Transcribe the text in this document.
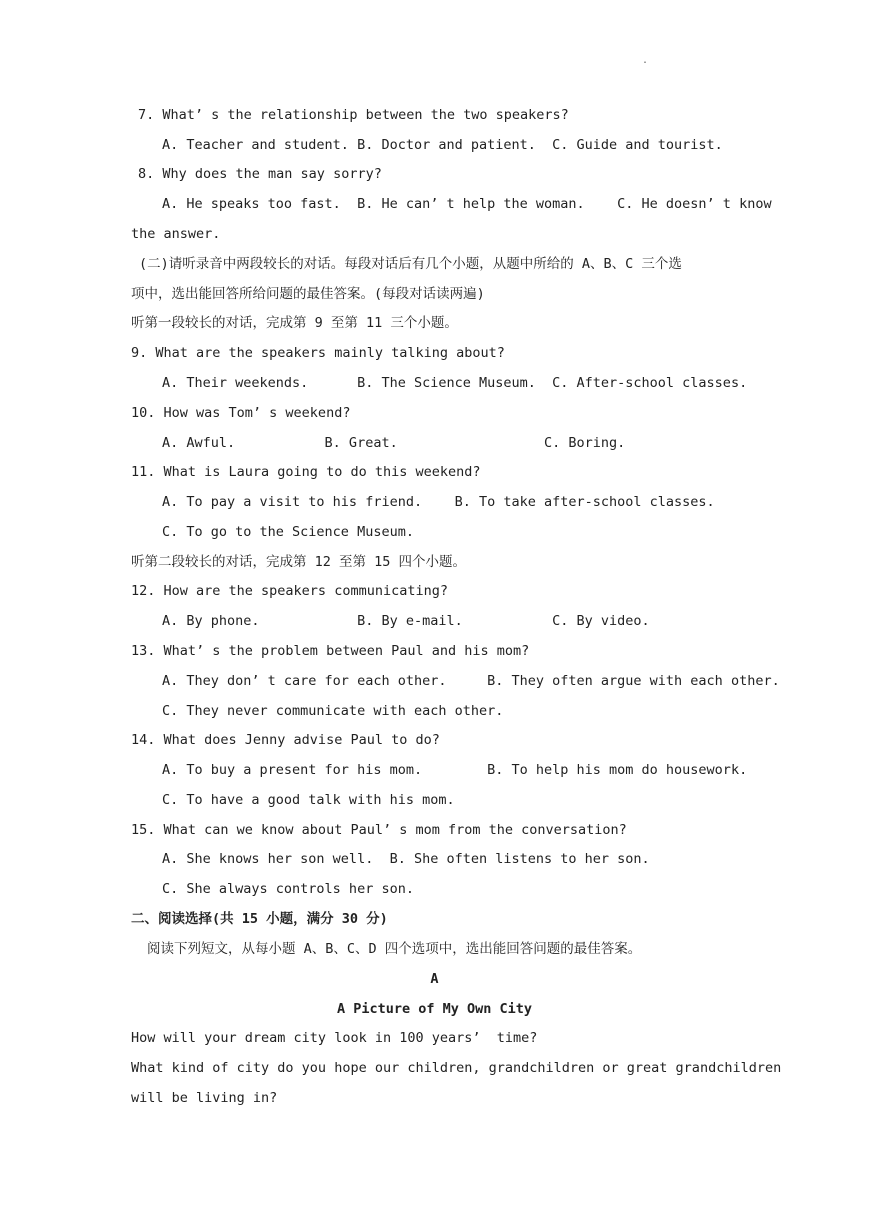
.
7. What’ s the relationship between the two speakers?
A. Teacher and student. B. Doctor and patient.  C. Guide and tourist.
8. Why does the man say sorry?
A. He speaks too fast.  B. He can’ t help the woman.    C. He doesn’ t know
the answer.
(二)请听录音中两段较长的对话。每段对话后有几个小题，从题中所给的 A、B、C 三个选
项中，选出能回答所给问题的最佳答案。(每段对话读两遍)
听第一段较长的对话，完成第 9 至第 11 三个小题。
9. What are the speakers mainly talking about?
A. Their weekends.      B. The Science Museum.  C. After-school classes.
10. How was Tom’ s weekend?
A. Awful.           B. Great.                  C. Boring.
11. What is Laura going to do this weekend?
A. To pay a visit to his friend.    B. To take after-school classes.
C. To go to the Science Museum.
听第二段较长的对话，完成第 12 至第 15 四个小题。
12. How are the speakers communicating?
A. By phone.            B. By e-mail.           C. By video.
13. What’ s the problem between Paul and his mom?
A. They don’ t care for each other.     B. They often argue with each other.
C. They never communicate with each other.
14. What does Jenny advise Paul to do?
A. To buy a present for his mom.        B. To help his mom do housework.
C. To have a good talk with his mom.
15. What can we know about Paul’ s mom from the conversation?
A. She knows her son well.  B. She often listens to her son.
C. She always controls her son.
二、阅读选择(共 15 小题，满分 30 分)
阅读下列短文，从每小题 A、B、C、D 四个选项中，选出能回答问题的最佳答案。
A
A Picture of My Own City
How will your dream city look in 100 years’  time?
What kind of city do you hope our children, grandchildren or great grandchildren
will be living in?
